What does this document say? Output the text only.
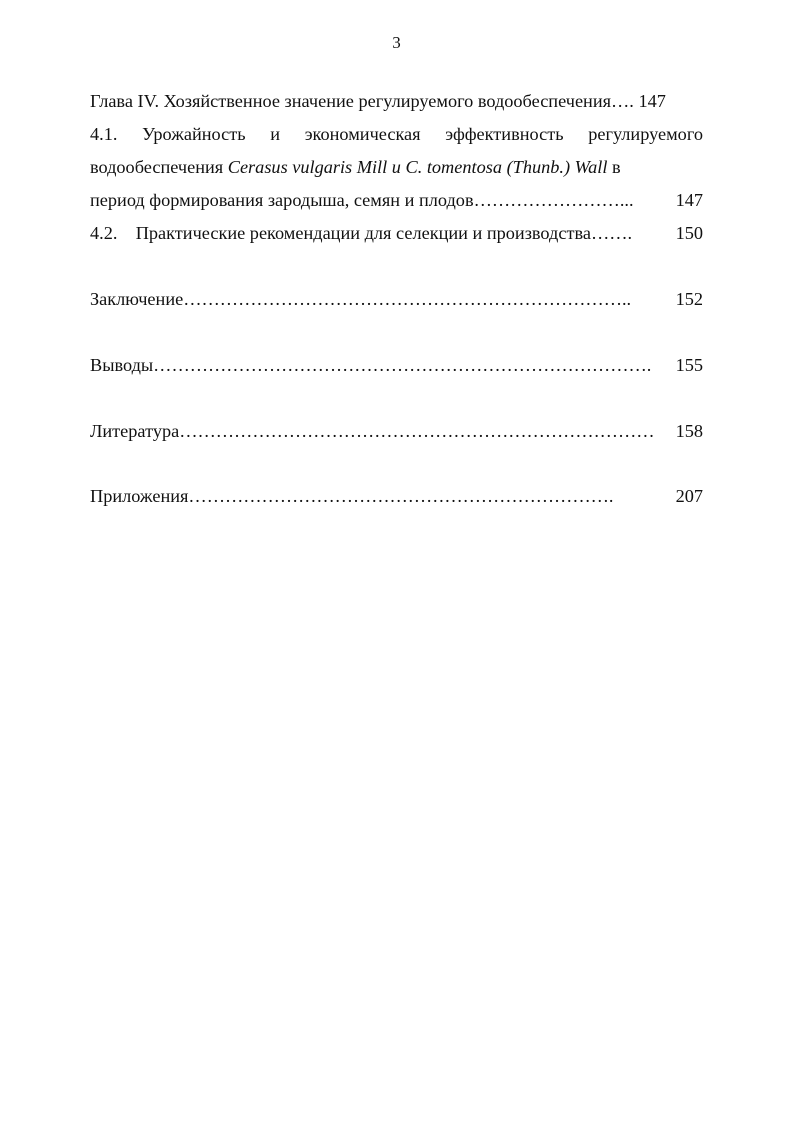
3
Глава IV. Хозяйственное значение регулируемого водообеспечения…. 147
4.1. Урожайность и экономическая эффективность регулируемого
водообеспечения Cerasus vulgaris Mill и C. tomentosa (Thunb.) Wall в
период формирования зародыша, семян и плодов……………………...	147
4.2. Практические рекомендации для селекции и производства…….	150
Заключение………………………………………………………………..	152
Выводы……………………………………………………………………….	155
Литература……………………………………………………………………	158
Приложения…………………………………………………………….	207
